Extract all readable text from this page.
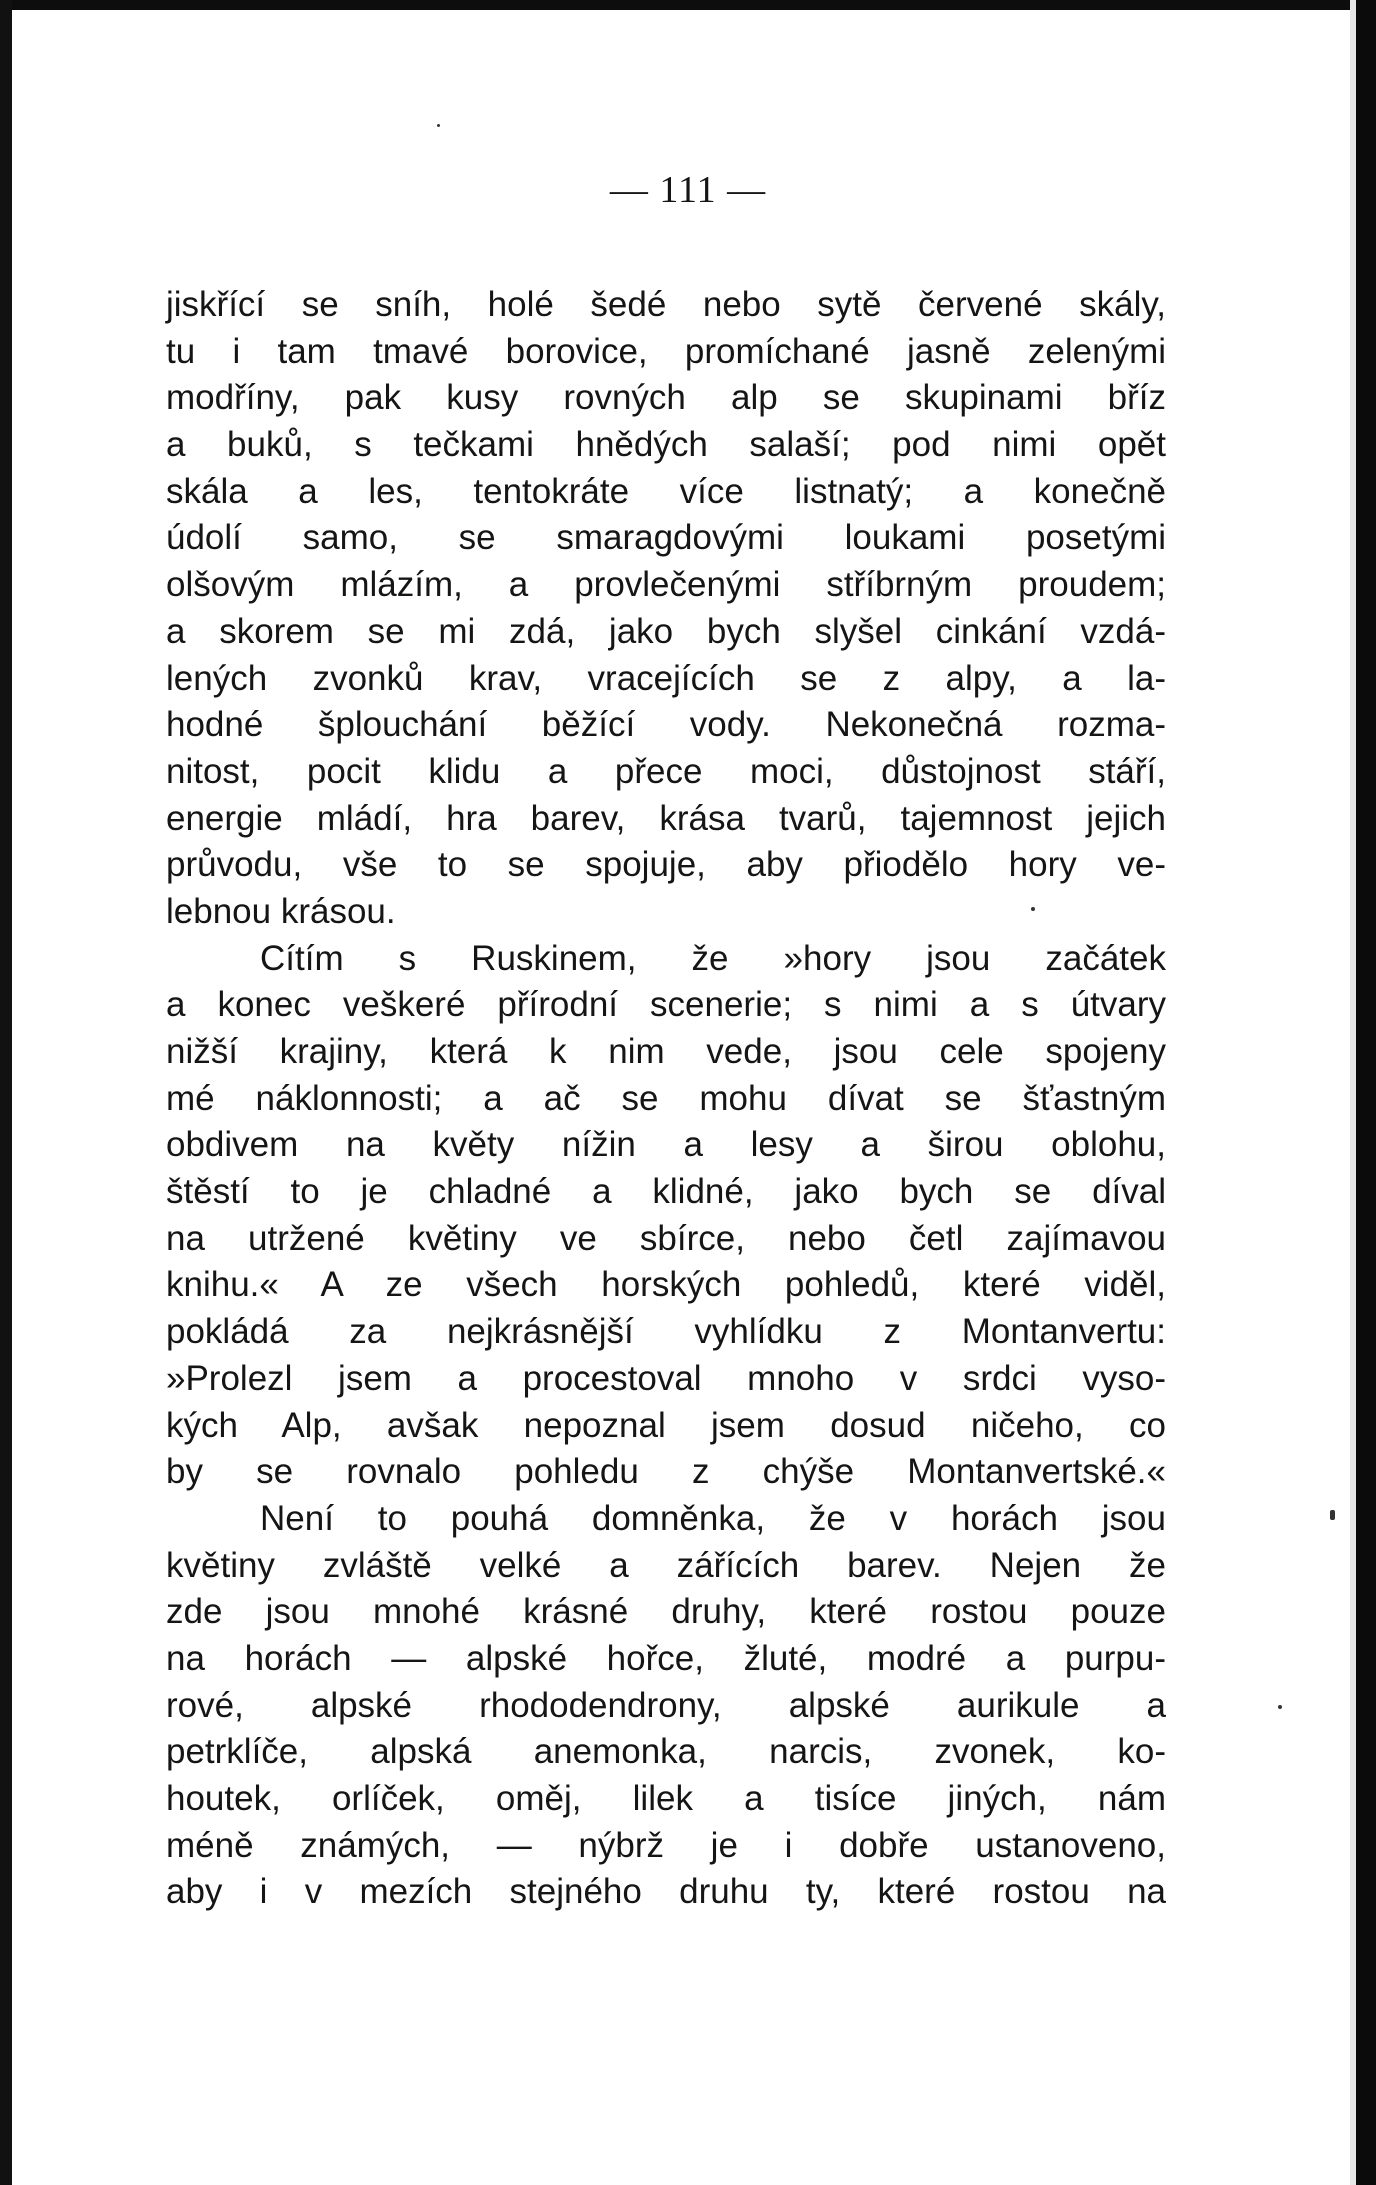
— 111 —
jiskřící se sníh, holé šedé nebo sytě červené skály,
tu i tam tmavé borovice, promíchané jasně zelenými
modříny, pak kusy rovných alp se skupinami bříz
a buků, s tečkami hnědých salaší; pod nimi opět
skála a les, tentokráte více listnatý; a konečně
údolí samo, se smaragdovými loukami posetými
olšovým mlázím, a provlečenými stříbrným proudem;
a skorem se mi zdá, jako bych slyšel cinkání vzdá-
lených zvonků krav, vracejících se z alpy, a la-
hodné šplouchání běžící vody. Nekonečná rozma-
nitost, pocit klidu a přece moci, důstojnost stáří,
energie mládí, hra barev, krása tvarů, tajemnost jejich
průvodu, vše to se spojuje, aby přiodělo hory ve-
lebnou krásou.
Cítím s Ruskinem, že »hory jsou začátek
a konec veškeré přírodní scenerie; s nimi a s útvary
nižší krajiny, která k nim vede, jsou cele spojeny
mé náklonnosti; a ač se mohu dívat se šťastným
obdivem na květy nížin a lesy a širou oblohu,
štěstí to je chladné a klidné, jako bych se díval
na utržené květiny ve sbírce, nebo četl zajímavou
knihu.« A ze všech horských pohledů, které viděl,
pokládá za nejkrásnější vyhlídku z Montanvertu:
»Prolezl jsem a procestoval mnoho v srdci vyso-
kých Alp, avšak nepoznal jsem dosud ničeho, co
by se rovnalo pohledu z chýše Montanvertské.«
Není to pouhá domněnka, že v horách jsou
květiny zvláště velké a zářících barev. Nejen že
zde jsou mnohé krásné druhy, které rostou pouze
na horách — alpské hořce, žluté, modré a purpu-
rové, alpské rhododendrony, alpské aurikule a
petrklíče, alpská anemonka, narcis, zvonek, ko-
houtek, orlíček, oměj, lilek a tisíce jiných, nám
méně známých, — nýbrž je i dobře ustanoveno,
aby i v mezích stejného druhu ty, které rostou na
